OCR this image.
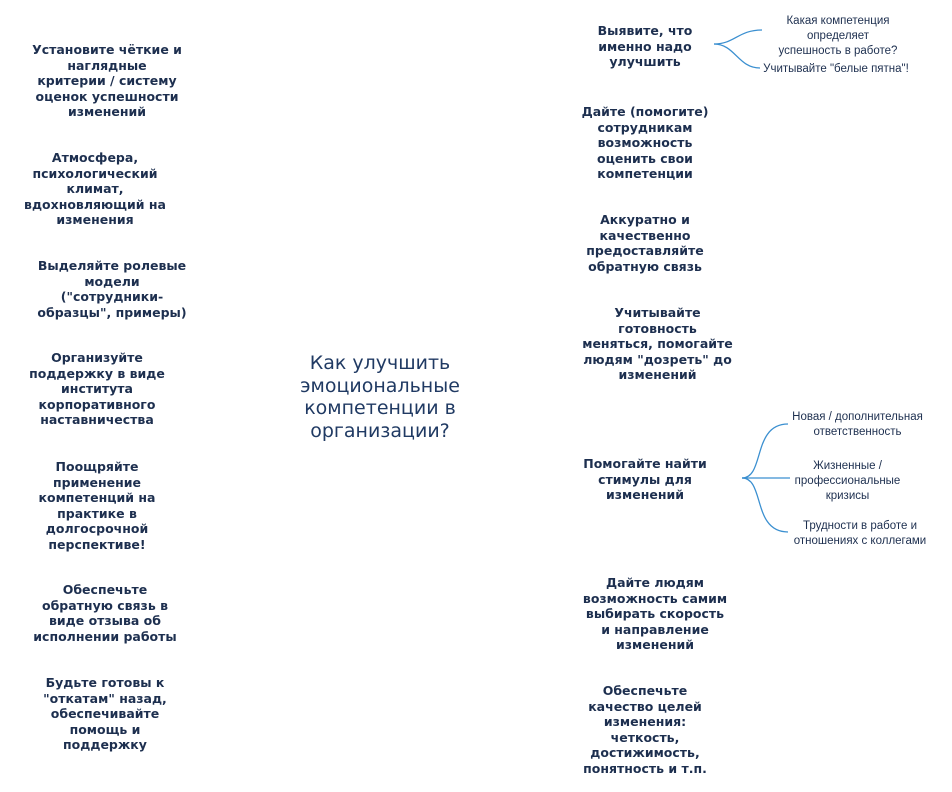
Как улучшить
эмоциональные
компетенции в
организации?
Установите чёткие и
наглядные
критерии / систему
оценок успешности
изменений
Атмосфера,
психологический
климат,
вдохновляющий на
изменения
Выделяйте ролевые
модели
("сотрудники-
образцы", примеры)
Организуйте
поддержку в виде
института
корпоративного
наставничества
Поощряйте
применение
компетенций на
практике в
долгосрочной
перспективе!
Обеспечьте
обратную связь в
виде отзыва об
исполнении работы
Будьте готовы к
"откатам" назад,
обеспечивайте
помощь и
поддержку
Выявите, что
именно надо
улучшить
Дайте (помогите)
сотрудникам
возможность
оценить свои
компетенции
Аккуратно и
качественно
предоставляйте
обратную связь
Учитывайте
готовность
меняться, помогайте
людям "дозреть" до
изменений
Помогайте найти
стимулы для
изменений
Дайте людям
возможность самим
выбирать скорость
и направление
изменений
Обеспечьте
качество целей
изменения:
четкость,
достижимость,
понятность и т.п.
Какая компетенция определяет
успешность в работе?
Учитывайте "белые пятна"!
Новая / дополнительная
ответственность
Жизненные /
профессиональные
кризисы
Трудности в работе и
отношениях с коллегами
